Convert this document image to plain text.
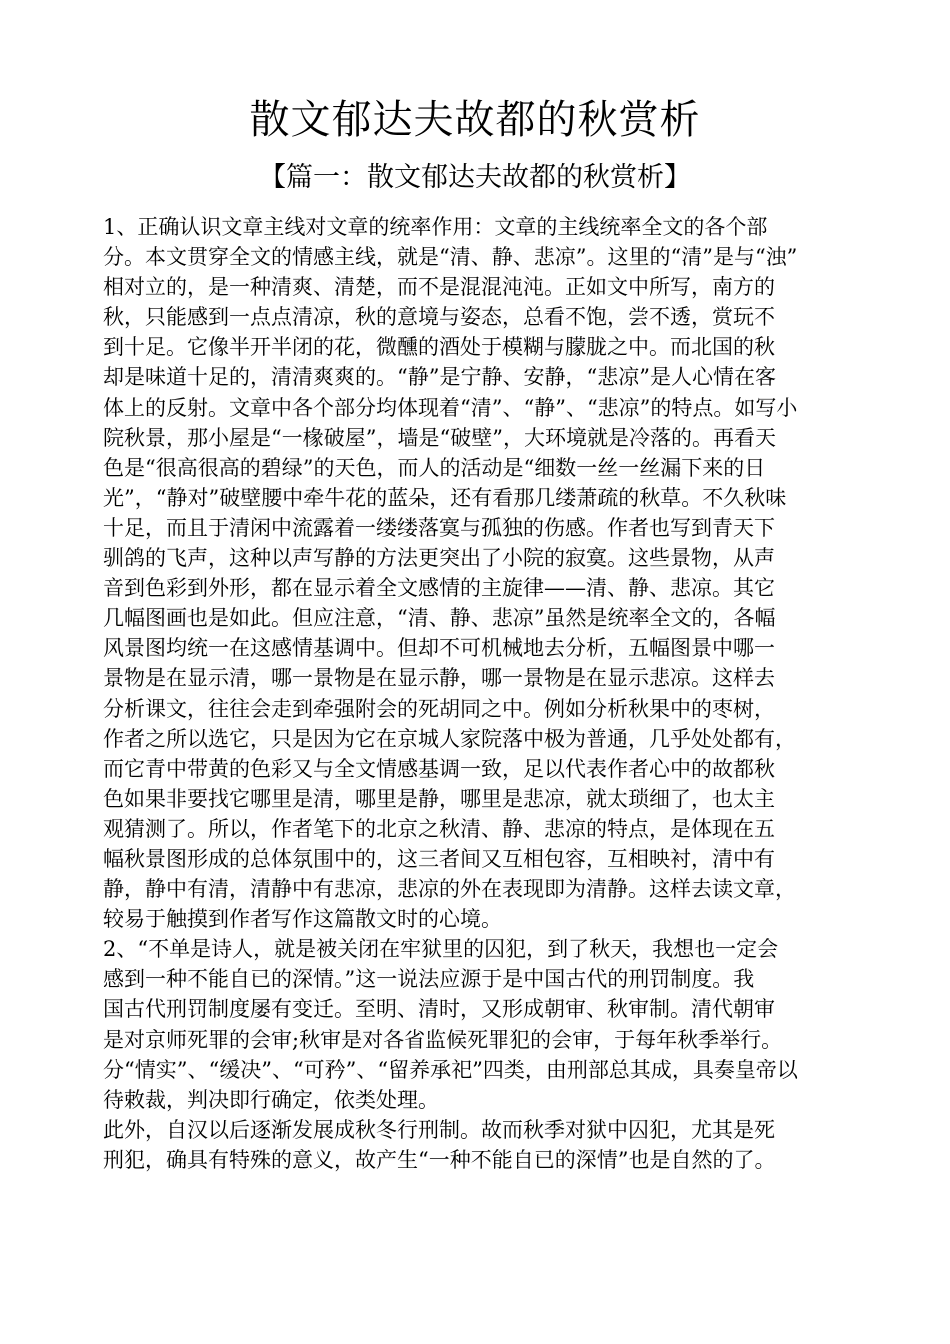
散文郁达夫故都的秋赏析
【篇一：散文郁达夫故都的秋赏析】
1、正确认识文章主线对文章的统率作用：文章的主线统率全文的各个部
分。本文贯穿全文的情感主线，就是“清、静、悲凉”。这里的“清”是与“浊”
相对立的，是一种清爽、清楚，而不是混混沌沌。正如文中所写，南方的
秋，只能感到一点点清凉，秋的意境与姿态，总看不饱，尝不透，赏玩不
到十足。它像半开半闭的花，微醺的酒处于模糊与朦胧之中。而北国的秋
却是味道十足的，清清爽爽的。“静”是宁静、安静，“悲凉”是人心情在客
体上的反射。文章中各个部分均体现着“清”、“静”、“悲凉”的特点。如写小
院秋景，那小屋是“一椽破屋”，墙是“破壁”，大环境就是冷落的。再看天
色是“很高很高的碧绿”的天色，而人的活动是“细数一丝一丝漏下来的日
光”，“静对”破壁腰中牵牛花的蓝朵，还有看那几缕萧疏的秋草。不久秋味
十足，而且于清闲中流露着一缕缕落寞与孤独的伤感。作者也写到青天下
驯鸽的飞声，这种以声写静的方法更突出了小院的寂寞。这些景物，从声
音到色彩到外形，都在显示着全文感情的主旋律——清、静、悲凉。其它
几幅图画也是如此。但应注意，“清、静、悲凉”虽然是统率全文的，各幅
风景图均统一在这感情基调中。但却不可机械地去分析，五幅图景中哪一
景物是在显示清，哪一景物是在显示静，哪一景物是在显示悲凉。这样去
分析课文，往往会走到牵强附会的死胡同之中。例如分析秋果中的枣树，
作者之所以选它，只是因为它在京城人家院落中极为普通，几乎处处都有，
而它青中带黄的色彩又与全文情感基调一致，足以代表作者心中的故都秋
色如果非要找它哪里是清，哪里是静，哪里是悲凉，就太琐细了，也太主
观猜测了。所以，作者笔下的北京之秋清、静、悲凉的特点，是体现在五
幅秋景图形成的总体氛围中的，这三者间又互相包容，互相映衬，清中有
静，静中有清，清静中有悲凉，悲凉的外在表现即为清静。这样去读文章，
较易于触摸到作者写作这篇散文时的心境。
2、“不单是诗人，就是被关闭在牢狱里的囚犯，到了秋天，我想也一定会
感到一种不能自已的深情。”这一说法应源于是中国古代的刑罚制度。我
国古代刑罚制度屡有变迁。至明、清时，又形成朝审、秋审制。清代朝审
是对京师死罪的会审;秋审是对各省监候死罪犯的会审，于每年秋季举行。
分“情实”、“缓决”、“可矜”、“留养承祀”四类，由刑部总其成，具奏皇帝以
待敕裁，判决即行确定，依类处理。
此外，自汉以后逐渐发展成秋冬行刑制。故而秋季对狱中囚犯，尤其是死
刑犯，确具有特殊的意义，故产生“一种不能自已的深情”也是自然的了。
